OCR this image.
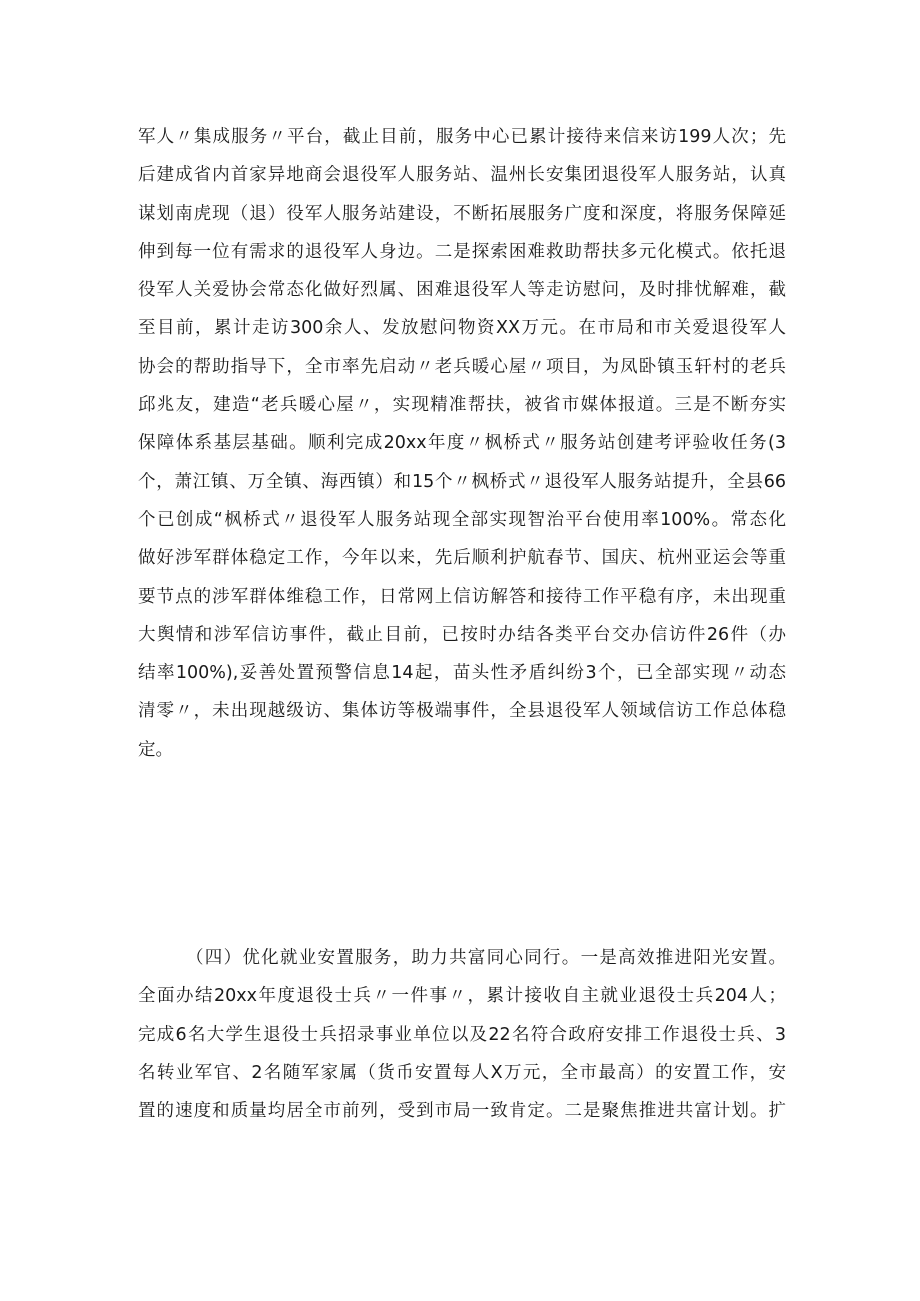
军人〃集成服务〃平台，截止目前，服务中心已累计接待来信来访199人次；先
后建成省内首家异地商会退役军人服务站、温州长安集团退役军人服务站，认真
谋划南虎现（退）役军人服务站建设，不断拓展服务广度和深度，将服务保障延
伸到每一位有需求的退役军人身边。二是探索困难救助帮扶多元化模式。依托退
役军人关爱协会常态化做好烈属、困难退役军人等走访慰问，及时排忧解难，截
至目前，累计走访300余人、发放慰问物资XX万元。在市局和市关爱退役军人
协会的帮助指导下，全市率先启动〃老兵暖心屋〃项目，为凤卧镇玉轩村的老兵
邱兆友，建造“老兵暖心屋〃，实现精准帮扶，被省市媒体报道。三是不断夯实
保障体系基层基础。顺利完成20xx年度〃枫桥式〃服务站创建考评验收任务(3
个，萧江镇、万全镇、海西镇）和15个〃枫桥式〃退役军人服务站提升，全县66
个已创成“枫桥式〃退役军人服务站现全部实现智治平台使用率100%。常态化
做好涉军群体稳定工作，今年以来，先后顺利护航春节、国庆、杭州亚运会等重
要节点的涉军群体维稳工作，日常网上信访解答和接待工作平稳有序，未出现重
大舆情和涉军信访事件，截止目前，已按时办结各类平台交办信访件26件（办
结率100%),妥善处置预警信息14起，苗头性矛盾纠纷3个，已全部实现〃动态
清零〃，未出现越级访、集体访等极端事件，全县退役军人领域信访工作总体稳
定。
（四）优化就业安置服务，助力共富同心同行。一是高效推进阳光安置。
全面办结20xx年度退役士兵〃一件事〃，累计接收自主就业退役士兵204人；
完成6名大学生退役士兵招录事业单位以及22名符合政府安排工作退役士兵、3
名转业军官、2名随军家属（货币安置每人X万元，全市最高）的安置工作，安
置的速度和质量均居全市前列，受到市局一致肯定。二是聚焦推进共富计划。扩
